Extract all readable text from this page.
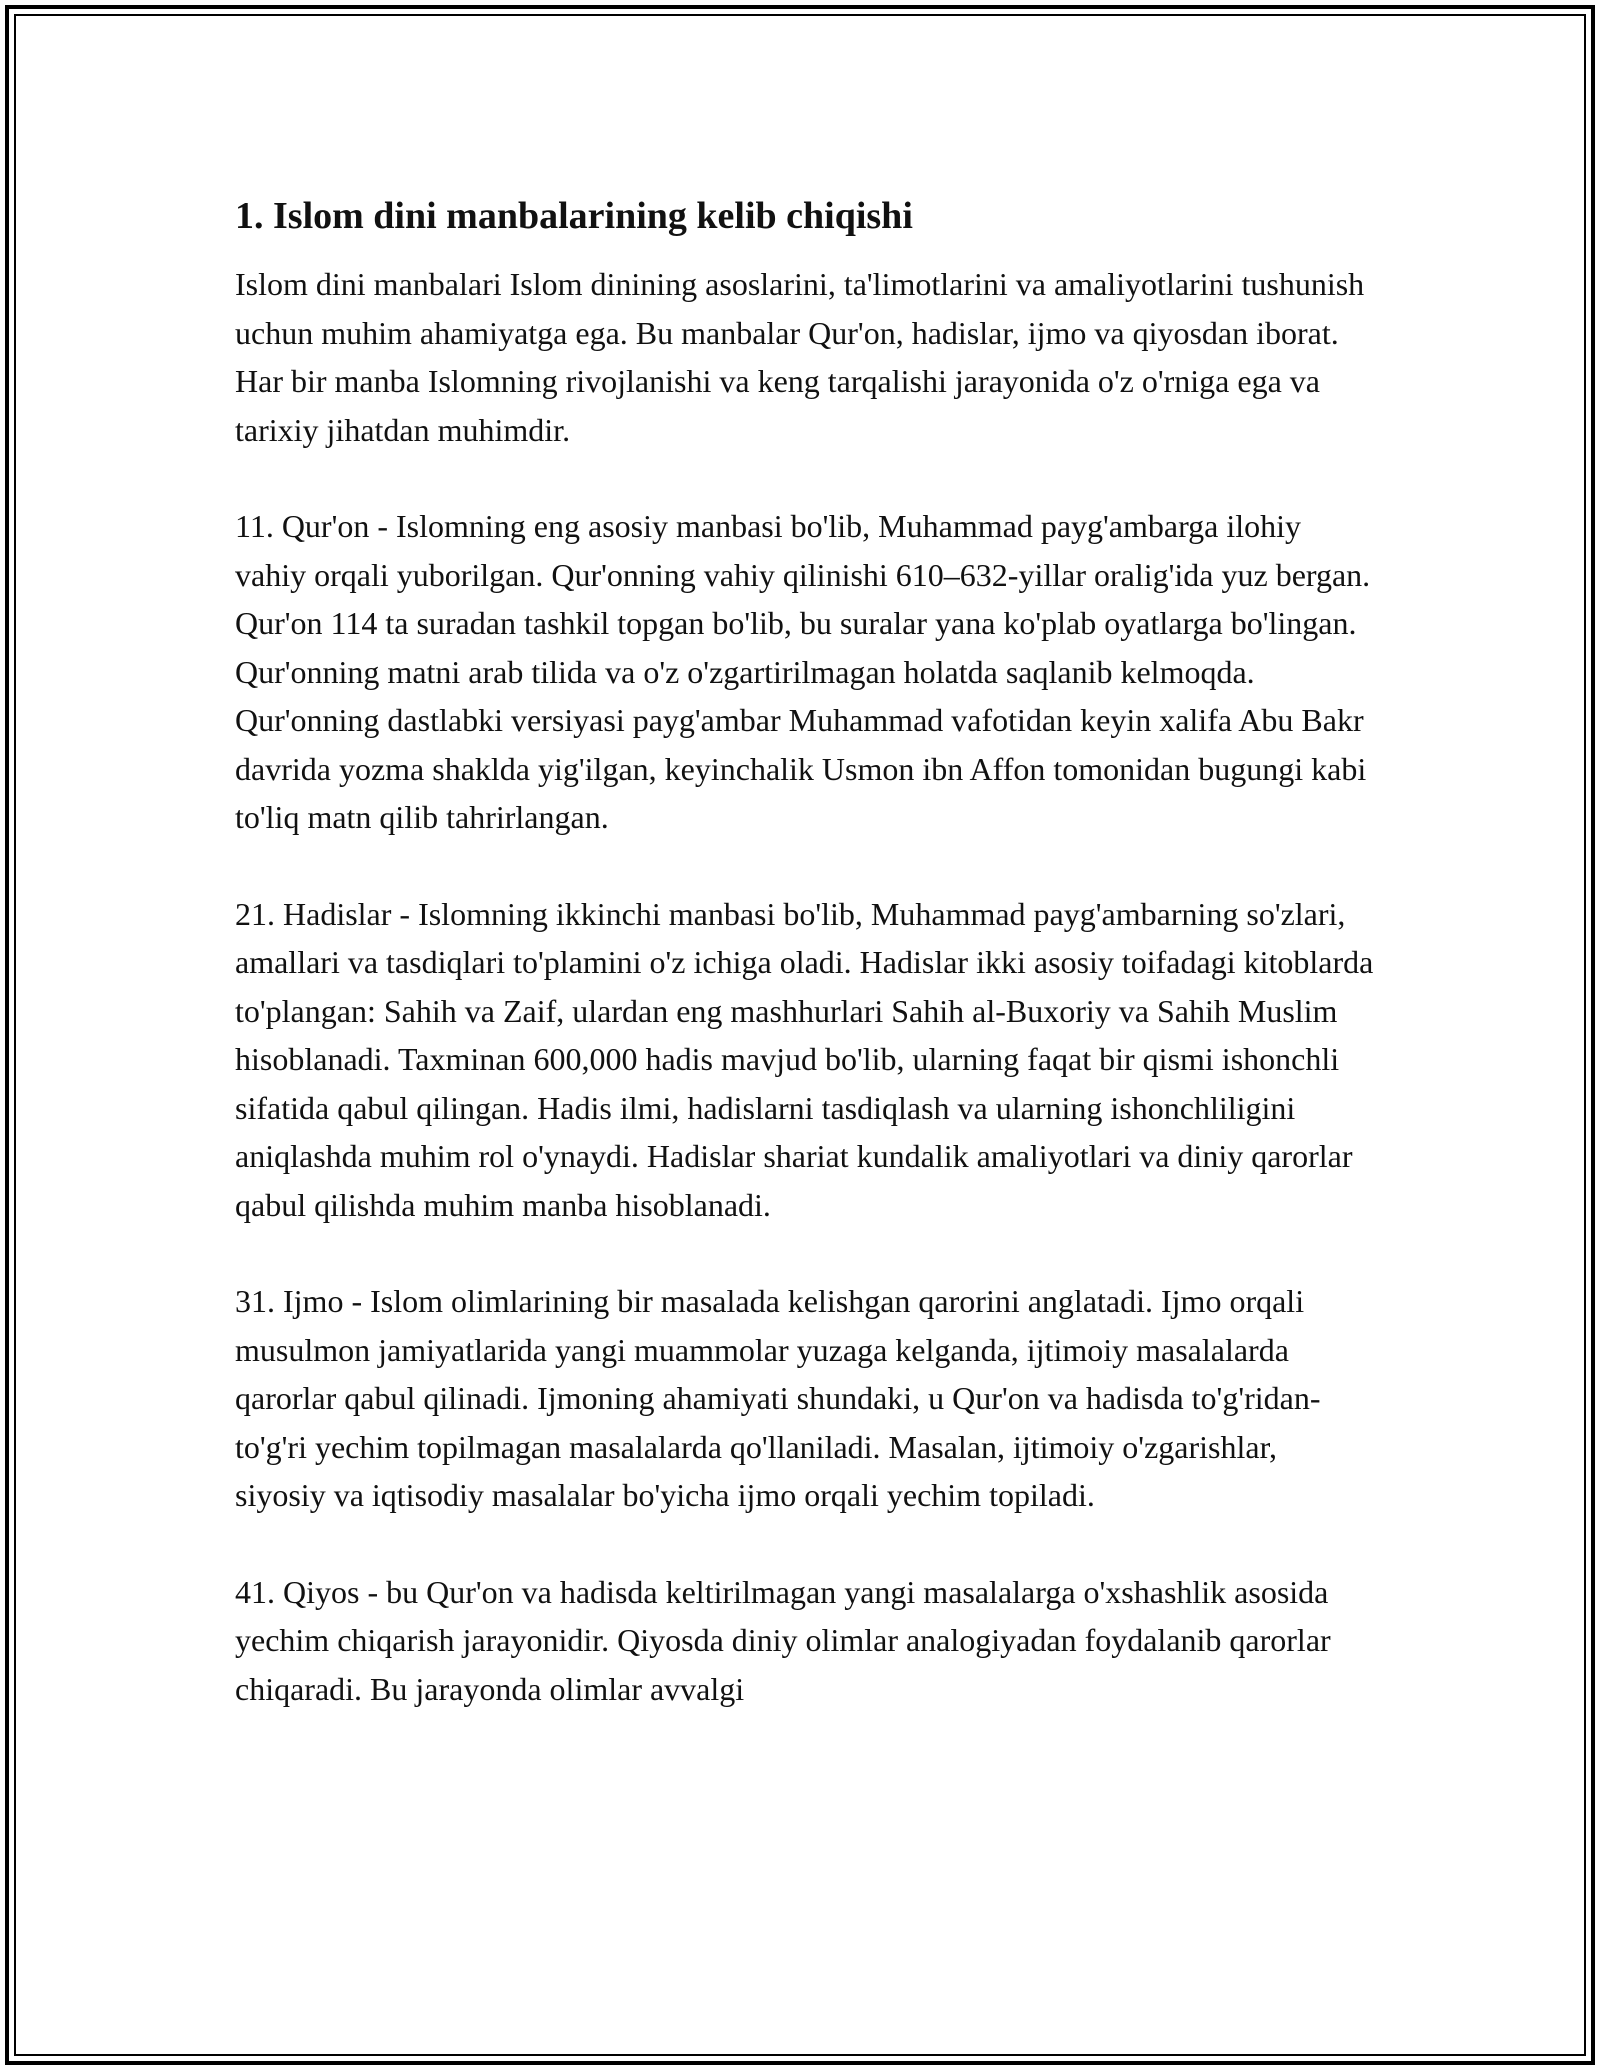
1. Islom dini manbalarining kelib chiqishi

Islom dini manbalari Islom dinining asoslarini, ta'limotlarini va amaliyotlarini tushunish uchun muhim ahamiyatga ega. Bu manbalar Qur'on, hadislar, ijmo va qiyosdan iborat. Har bir manba Islomning rivojlanishi va keng tarqalishi jarayonida o'z o'rniga ega va tarixiy jihatdan muhimdir.

11. Qur'on - Islomning eng asosiy manbasi bo'lib, Muhammad payg'ambarga ilohiy vahiy orqali yuborilgan. Qur'onning vahiy qilinishi 610–632-yillar oralig'ida yuz bergan. Qur'on 114 ta suradan tashkil topgan bo'lib, bu suralar yana ko'plab oyatlarga bo'lingan. Qur'onning matni arab tilida va o'z o'zgartirilmagan holatda saqlanib kelmoqda. Qur'onning dastlabki versiyasi payg'ambar Muhammad vafotidan keyin xalifa Abu Bakr davrida yozma shaklda yig'ilgan, keyinchalik Usmon ibn Affon tomonidan bugungi kabi to'liq matn qilib tahrirlangan.

21. Hadislar - Islomning ikkinchi manbasi bo'lib, Muhammad payg'ambarning so'zlari, amallari va tasdiqlari to'plamini o'z ichiga oladi. Hadislar ikki asosiy toifadagi kitoblarda to'plangan: Sahih va Zaif, ulardan eng mashhurlari Sahih al-Buxoriy va Sahih Muslim hisoblanadi. Taxminan 600,000 hadis mavjud bo'lib, ularning faqat bir qismi ishonchli sifatida qabul qilingan. Hadis ilmi, hadislarni tasdiqlash va ularning ishonchliligini aniqlashda muhim rol o'ynaydi. Hadislar shariat kundalik amaliyotlari va diniy qarorlar qabul qilishda muhim manba hisoblanadi.

31. Ijmo - Islom olimlarining bir masalada kelishgan qarorini anglatadi. Ijmo orqali musulmon jamiyatlarida yangi muammolar yuzaga kelganda, ijtimoiy masalalarda qarorlar qabul qilinadi. Ijmoning ahamiyati shundaki, u Qur'on va hadisda to'g'ridan-to'g'ri yechim topilmagan masalalarda qo'llaniladi. Masalan, ijtimoiy o'zgarishlar, siyosiy va iqtisodiy masalalar bo'yicha ijmo orqali yechim topiladi.

41. Qiyos - bu Qur'on va hadisda keltirilmagan yangi masalalarga o'xshashlik asosida yechim chiqarish jarayonidir. Qiyosda diniy olimlar analogiyadan foydalanib qarorlar chiqaradi. Bu jarayonda olimlar avvalgi
